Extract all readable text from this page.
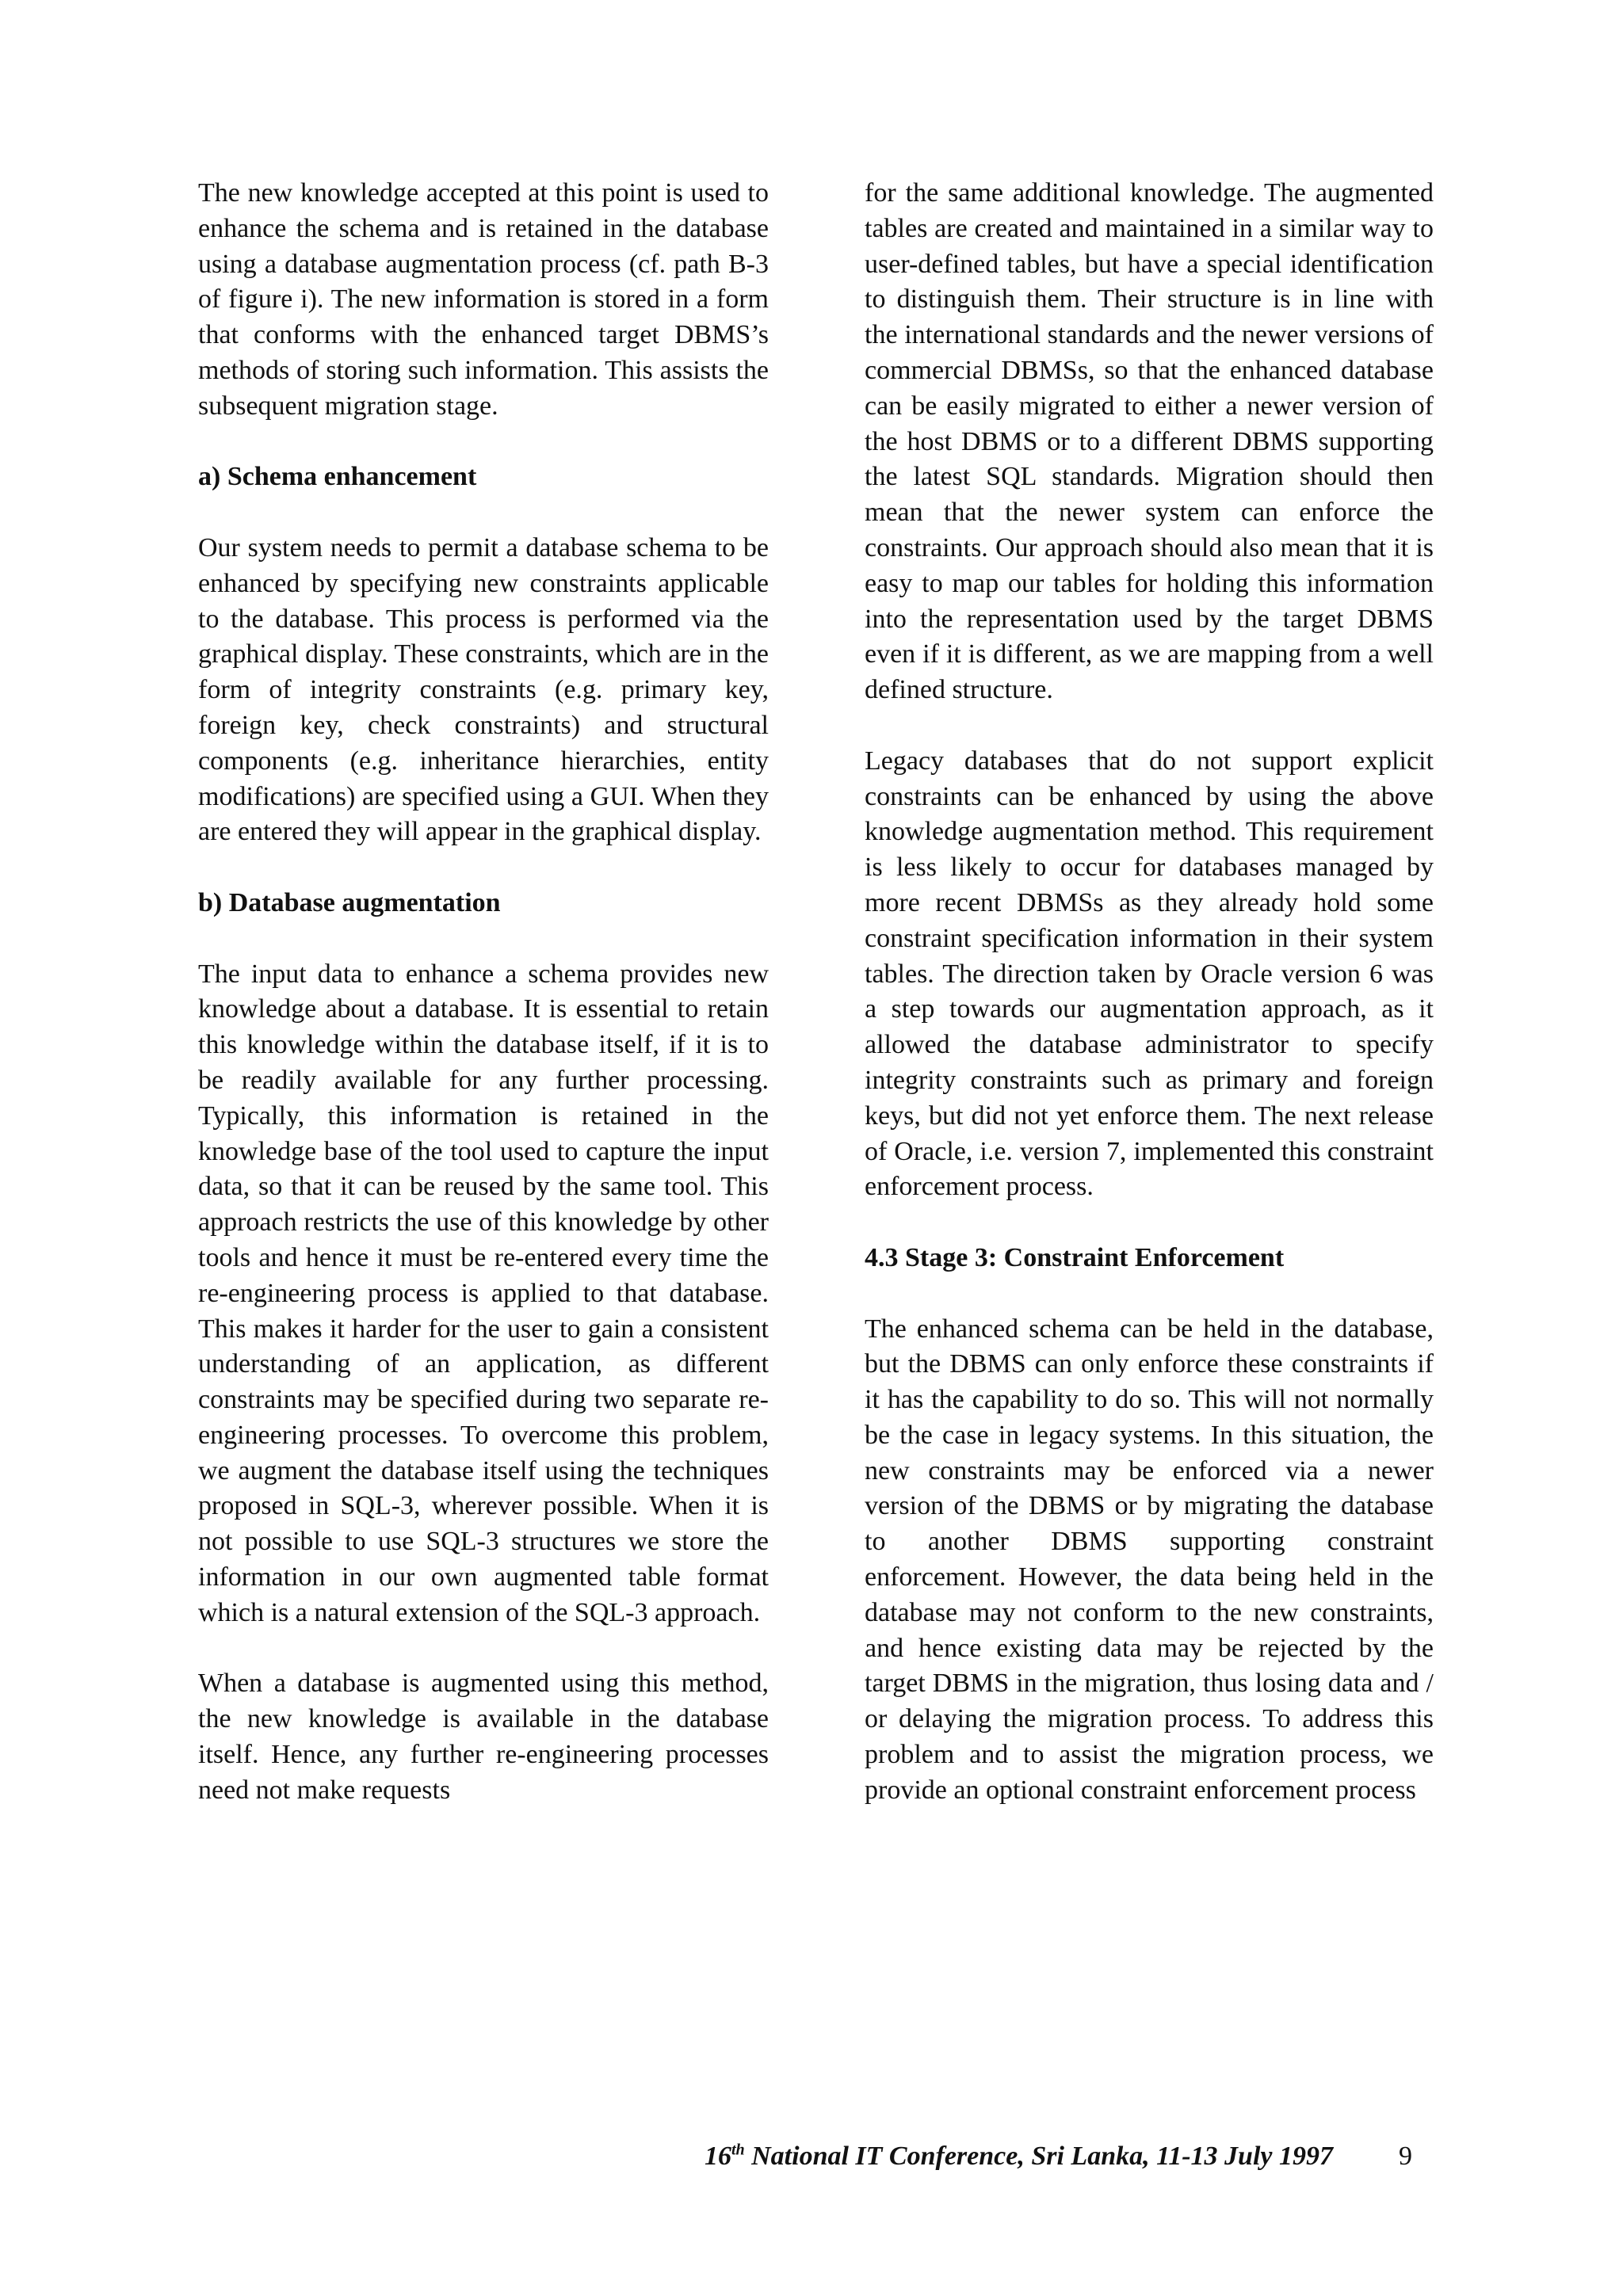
The new knowledge accepted at this point is used to enhance the schema and is retained in the database using a database augmentation process (cf. path B-3 of figure i). The new information is stored in a form that conforms with the enhanced target DBMS’s methods of storing such information. This assists the subsequent migration stage.

a) Schema enhancement

Our system needs to permit a database schema to be enhanced by specifying new constraints applicable to the database. This process is performed via the graphical display. These constraints, which are in the form of integrity constraints (e.g. primary key, foreign key, check constraints) and structural components (e.g. inheritance hierarchies, entity modifications) are specified using a GUI. When they are entered they will appear in the graphical display.

b) Database augmentation

The input data to enhance a schema provides new knowledge about a database. It is essential to retain this knowledge within the database itself, if it is to be readily available for any further processing. Typically, this information is retained in the knowledge base of the tool used to capture the input data, so that it can be reused by the same tool. This approach restricts the use of this knowledge by other tools and hence it must be re-entered every time the re-engineering process is applied to that database. This makes it harder for the user to gain a consistent understanding of an application, as different constraints may be specified during two separate re-engineering processes. To overcome this problem, we augment the database itself using the techniques proposed in SQL-3, wherever possible. When it is not possible to use SQL-3 structures we store the information in our own augmented table format which is a natural extension of the SQL-3 approach.

When a database is augmented using this method, the new knowledge is available in the database itself. Hence, any further re-engineering processes need not make requests

for the same additional knowledge. The augmented tables are created and maintained in a similar way to user-defined tables, but have a special identification to distinguish them. Their structure is in line with the international standards and the newer versions of commercial DBMSs, so that the enhanced database can be easily migrated to either a newer version of the host DBMS or to a different DBMS supporting the latest SQL standards. Migration should then mean that the newer system can enforce the constraints. Our approach should also mean that it is easy to map our tables for holding this information into the representation used by the target DBMS even if it is different, as we are mapping from a well defined structure.

Legacy databases that do not support explicit constraints can be enhanced by using the above knowledge augmentation method. This requirement is less likely to occur for databases managed by more recent DBMSs as they already hold some constraint specification information in their system tables. The direction taken by Oracle version 6 was a step towards our augmentation approach, as it allowed the database administrator to specify integrity constraints such as primary and foreign keys, but did not yet enforce them. The next release of Oracle, i.e. version 7, implemented this constraint enforcement process.

4.3 Stage 3: Constraint Enforcement

The enhanced schema can be held in the database, but the DBMS can only enforce these constraints if it has the capability to do so. This will not normally be the case in legacy systems. In this situation, the new constraints may be enforced via a newer version of the DBMS or by migrating the database to another DBMS supporting constraint enforcement. However, the data being held in the database may not conform to the new constraints, and hence existing data may be rejected by the target DBMS in the migration, thus losing data and / or delaying the migration process. To address this problem and to assist the migration process, we provide an optional constraint enforcement process

16th National IT Conference, Sri Lanka, 11-13 July 1997 9
